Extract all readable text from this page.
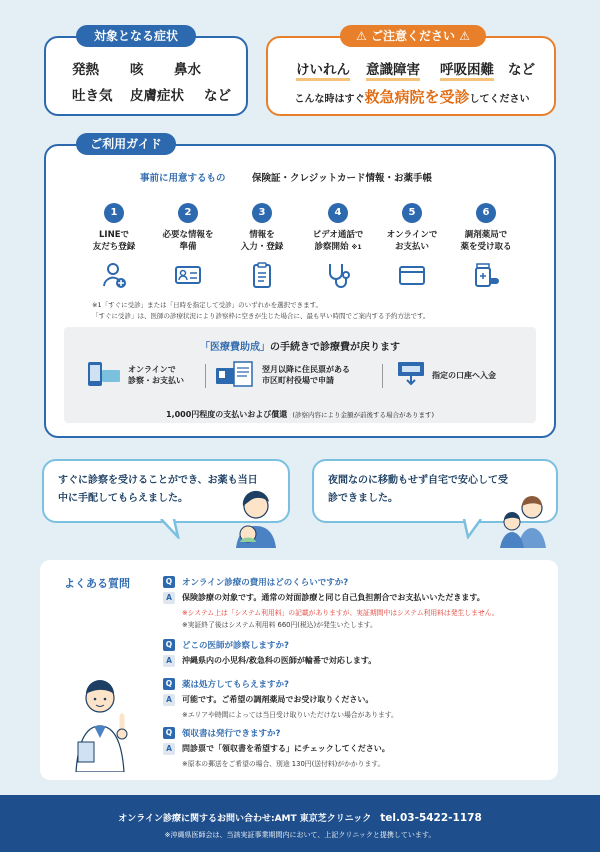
対象となる症状
発熱 咳 鼻水
吐き気 皮膚症状 など
⚠ ご注意ください ⚠
けいれん 意識障害 呼吸困難 など
こんな時はすぐ救急病院を受診してください
ご利用ガイド
事前に用意するもの	保険証・クレジットカード情報・お薬手帳
1
LINEで
友だち登録
2
必要な情報を
準備
3
情報を
入力・登録
4
ビデオ通話で
診察開始 ※1
5
オンラインで
お支払い
6
調剤薬局で
薬を受け取る
※1「すぐに受診」または「日時を指定して受診」のいずれかを選択できます。
「すぐに受診」は、医師の診療状況により診察枠に空きが生じた場合に、最も早い時間でご案内する予約方法です。
「医療費助成」の手続きで診療費が戻ります
オンラインで
診察・お支払い
翌月以降に住民票がある
市区町村役場で申請
指定の口座へ入金
1,000円程度の支払いおよび償還 (診察内容により金額が前後する場合があります)
すぐに診察を受けることができ、お薬も当日
中に手配してもらえました。
夜間なのに移動もせず自宅で安心して受
診できました。
よくある質問	Q	オンライン診療の費用はどのくらいですか?
A	保険診療の対象です。通常の対面診療と同じ自己負担割合でお支払いいただきます。
※システム上は「システム利用料」の記載がありますが、実証期間中はシステム利用料は発生しません。
※実証終了後はシステム利用料 660円(税込)が発生いたします。
Q	どこの医師が診察しますか?
A	沖縄県内の小児科/救急科の医師が輪番で対応します。
Q	薬は処方してもらえますか?
A	可能です。ご希望の調剤薬局でお受け取りください。
※エリアや時間によっては当日受け取りいただけない場合があります。
Q	領収書は発行できますか?
A	問診票で「領収書を希望する」にチェックしてください。
※原本の郵送をご希望の場合、別途 130円(送付料)がかかります。
オンライン診療に関するお問い合わせ:AMT 東京芝クリニック　 tel.03-5422-1178
※沖縄県医師会は、当該実証事業期間内において、上記クリニックと提携しています。
